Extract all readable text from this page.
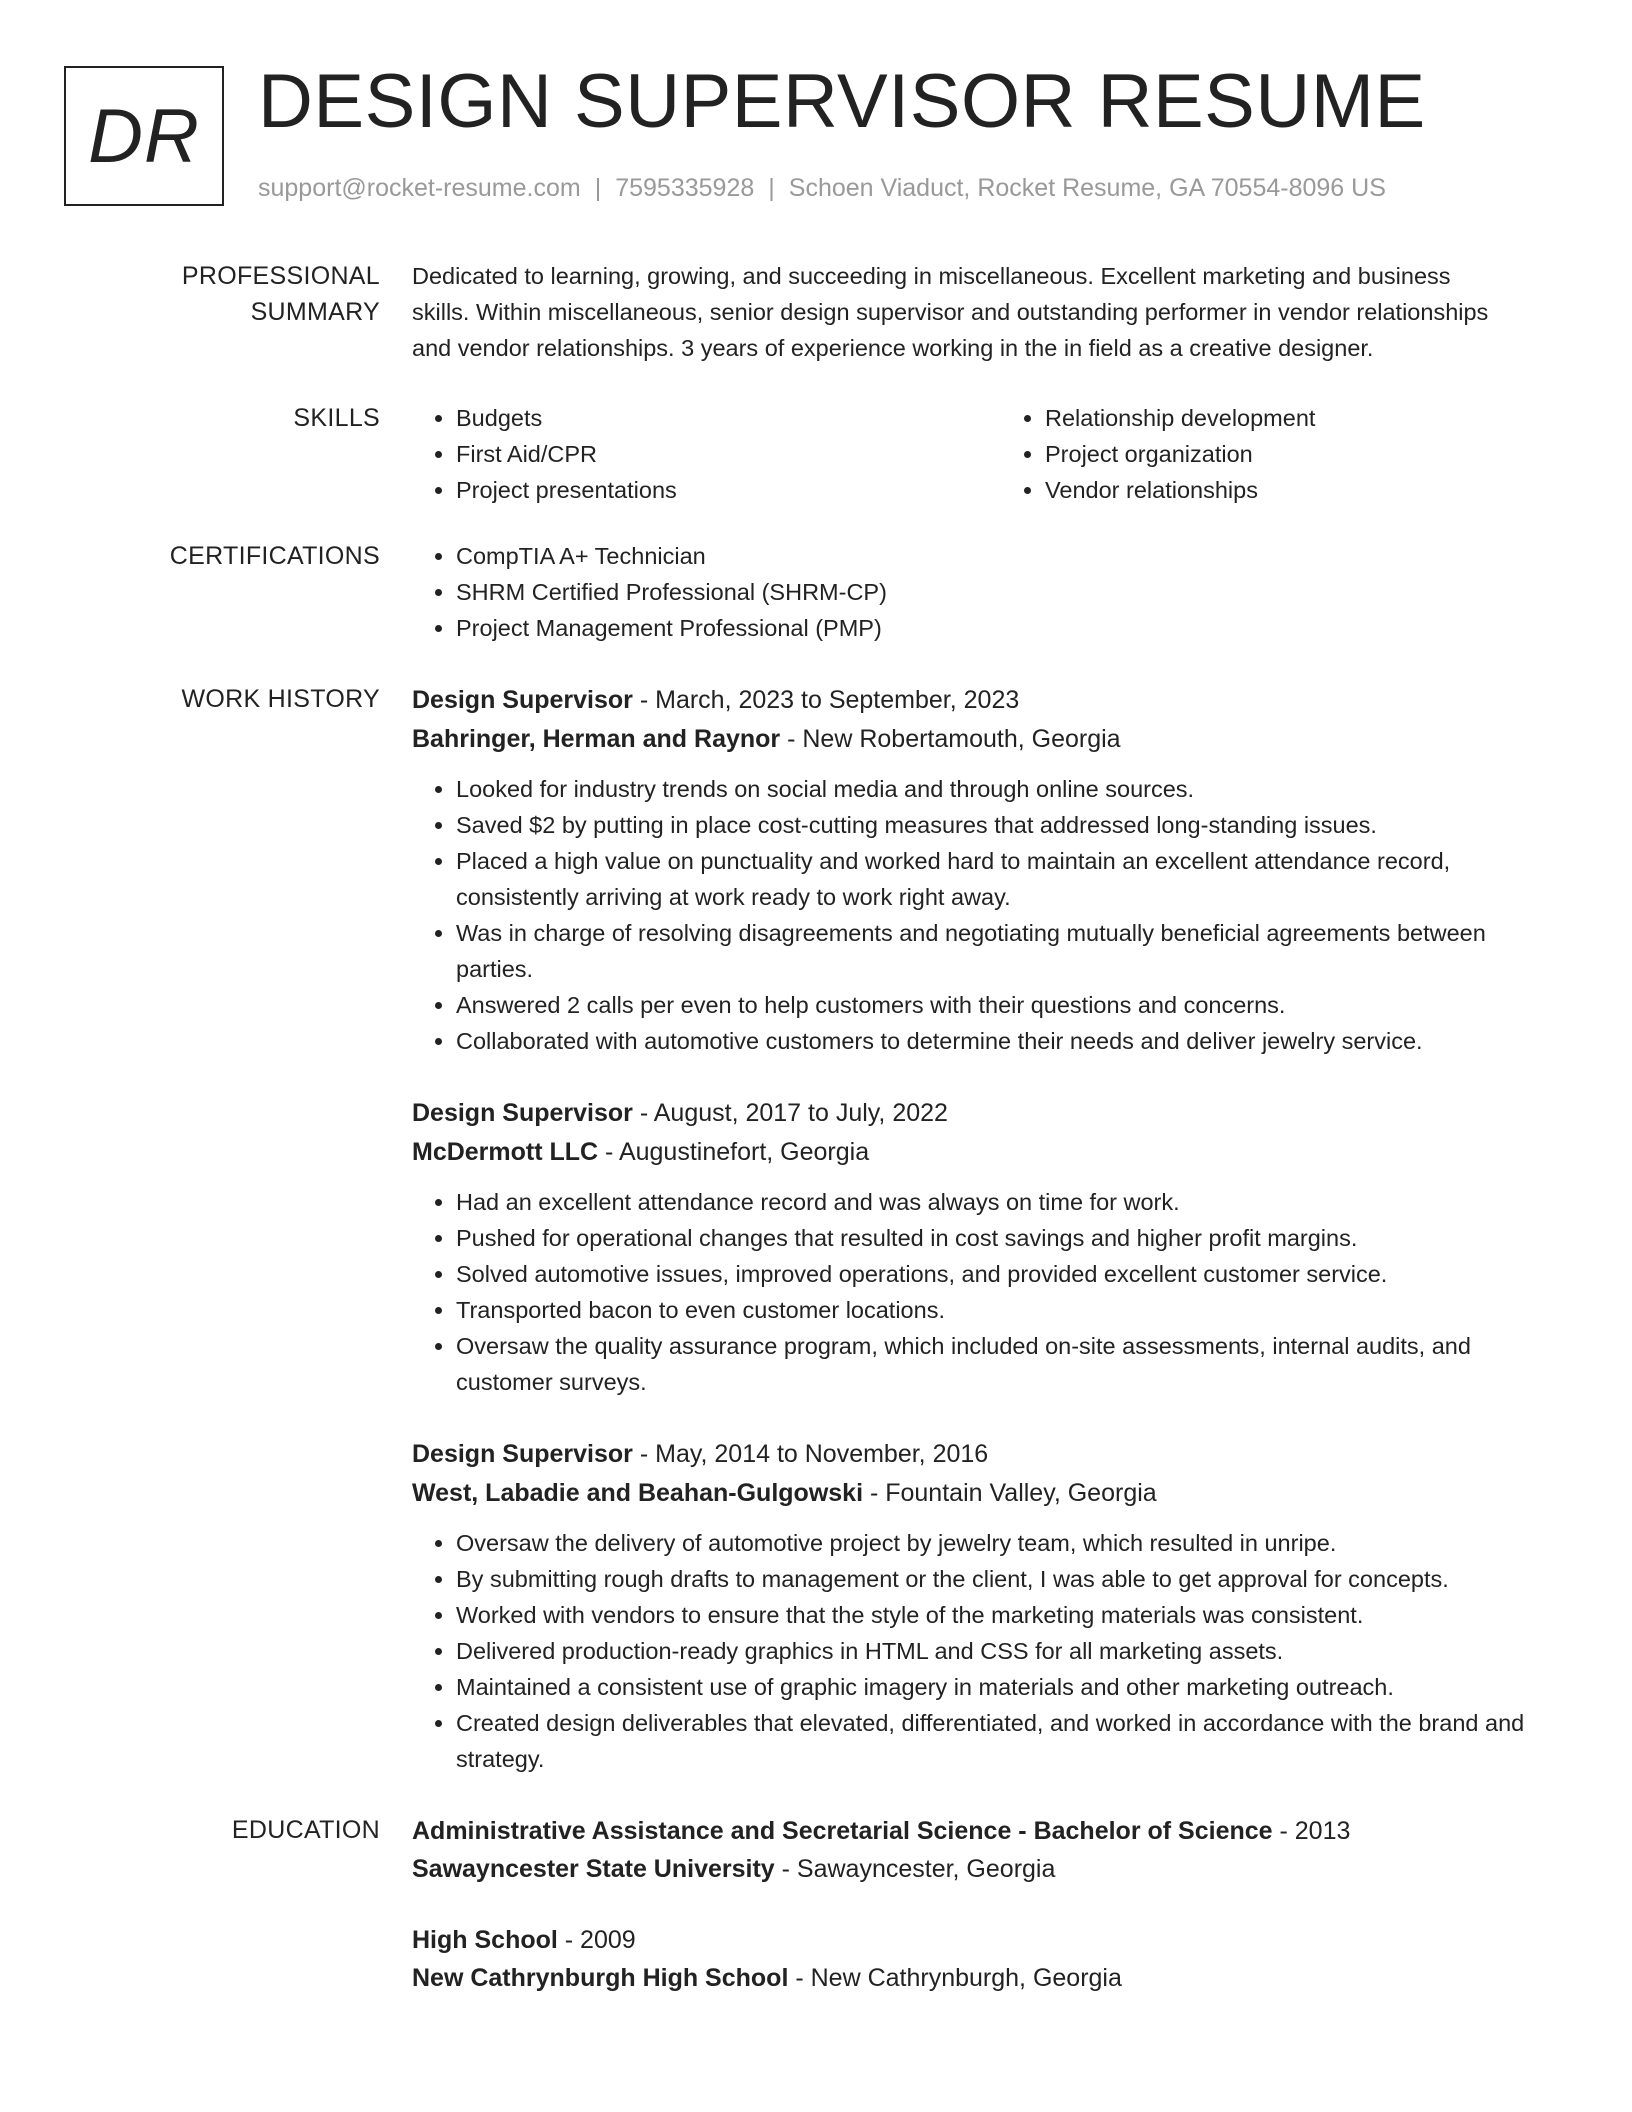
DR DESIGN SUPERVISOR RESUME
support@rocket-resume.com | 7595335928 | Schoen Viaduct, Rocket Resume, GA 70554-8096 US
PROFESSIONAL SUMMARY

Dedicated to learning, growing, and succeeding in miscellaneous. Excellent marketing and business skills. Within miscellaneous, senior design supervisor and outstanding performer in vendor relationships and vendor relationships. 3 years of experience working in the in field as a creative designer.

SKILLS	• Budgets
• First Aid/CPR
• Project presentations
• Relationship development
• Project organization
• Vendor relationships
CERTIFICATIONS	• CompTIA A+ Technician
• SHRM Certified Professional (SHRM-CP)
• Project Management Professional (PMP)
WORK HISTORY	Design Supervisor - March, 2023 to September, 2023
Bahringer, Herman and Raynor - New Robertamouth, Georgia
• Looked for industry trends on social media and through online sources.
• Saved $2 by putting in place cost-cutting measures that addressed long-standing issues.
• Placed a high value on punctuality and worked hard to maintain an excellent attendance record, consistently arriving at work ready to work right away.
• Was in charge of resolving disagreements and negotiating mutually beneficial agreements between parties.
• Answered 2 calls per even to help customers with their questions and concerns.
• Collaborated with automotive customers to determine their needs and deliver jewelry service.
Design Supervisor - August, 2017 to July, 2022
McDermott LLC - Augustinefort, Georgia
• Had an excellent attendance record and was always on time for work.
• Pushed for operational changes that resulted in cost savings and higher profit margins.
• Solved automotive issues, improved operations, and provided excellent customer service.
• Transported bacon to even customer locations.
• Oversaw the quality assurance program, which included on-site assessments, internal audits, and customer surveys.
Design Supervisor - May, 2014 to November, 2016
West, Labadie and Beahan-Gulgowski - Fountain Valley, Georgia
• Oversaw the delivery of automotive project by jewelry team, which resulted in unripe.
• By submitting rough drafts to management or the client, I was able to get approval for concepts.
• Worked with vendors to ensure that the style of the marketing materials was consistent.
• Delivered production-ready graphics in HTML and CSS for all marketing assets.
• Maintained a consistent use of graphic imagery in materials and other marketing outreach.
• Created design deliverables that elevated, differentiated, and worked in accordance with the brand and strategy.
EDUCATION	Administrative Assistance and Secretarial Science - Bachelor of Science - 2013
Sawayncester State University - Sawayncester, Georgia
High School - 2009
New Cathrynburgh High School - New Cathrynburgh, Georgia
